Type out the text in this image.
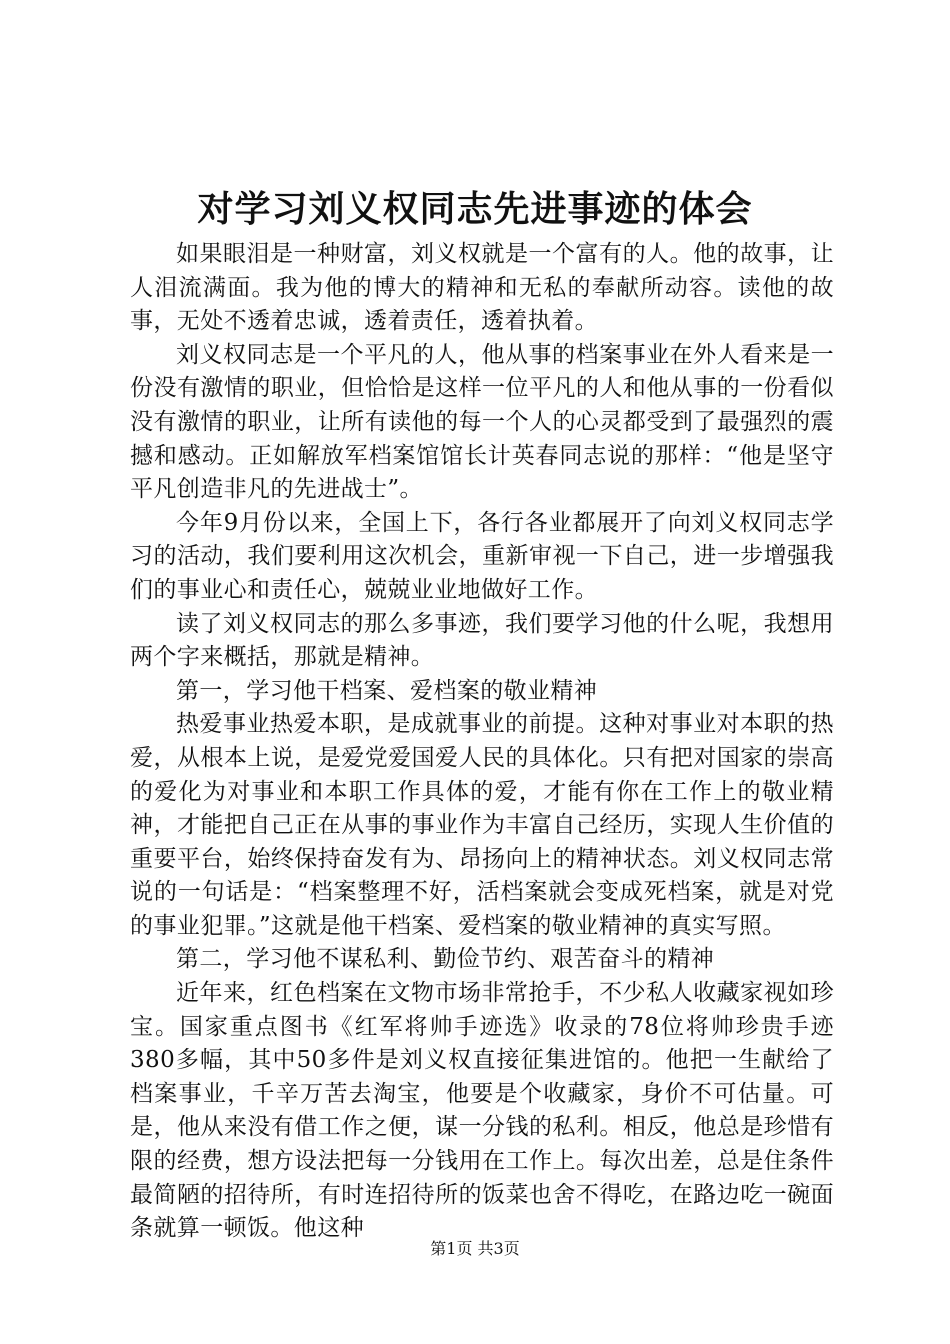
对学习刘义权同志先进事迹的体会

如果眼泪是一种财富，刘义权就是一个富有的人。他的故事，让人泪流满面。我为他的博大的精神和无私的奉献所动容。读他的故事，无处不透着忠诚，透着责任，透着执着。

刘义权同志是一个平凡的人，他从事的档案事业在外人看来是一份没有激情的职业，但恰恰是这样一位平凡的人和他从事的一份看似没有激情的职业，让所有读他的每一个人的心灵都受到了最强烈的震撼和感动。正如解放军档案馆馆长计英春同志说的那样：“他是坚守平凡创造非凡的先进战士”。

今年9月份以来，全国上下，各行各业都展开了向刘义权同志学习的活动，我们要利用这次机会，重新审视一下自己，进一步增强我们的事业心和责任心，兢兢业业地做好工作。

读了刘义权同志的那么多事迹，我们要学习他的什么呢，我想用两个字来概括，那就是精神。

第一，学习他干档案、爱档案的敬业精神

热爱事业热爱本职，是成就事业的前提。这种对事业对本职的热爱，从根本上说，是爱党爱国爱人民的具体化。只有把对国家的崇高的爱化为对事业和本职工作具体的爱，才能有你在工作上的敬业精神，才能把自己正在从事的事业作为丰富自己经历，实现人生价值的重要平台，始终保持奋发有为、昂扬向上的精神状态。刘义权同志常说的一句话是：“档案整理不好，活档案就会变成死档案，就是对党的事业犯罪。”这就是他干档案、爱档案的敬业精神的真实写照。

第二，学习他不谋私利、勤俭节约、艰苦奋斗的精神

近年来，红色档案在文物市场非常抢手，不少私人收藏家视如珍宝。国家重点图书《红军将帅手迹选》收录的78位将帅珍贵手迹380多幅，其中50多件是刘义权直接征集进馆的。他把一生献给了档案事业，千辛万苦去淘宝，他要是个收藏家，身价不可估量。可是，他从来没有借工作之便，谋一分钱的私利。相反，他总是珍惜有限的经费，想方设法把每一分钱用在工作上。每次出差，总是住条件最简陋的招待所，有时连招待所的饭菜也舍不得吃，在路边吃一碗面条就算一顿饭。他这种

第1页 共3页
